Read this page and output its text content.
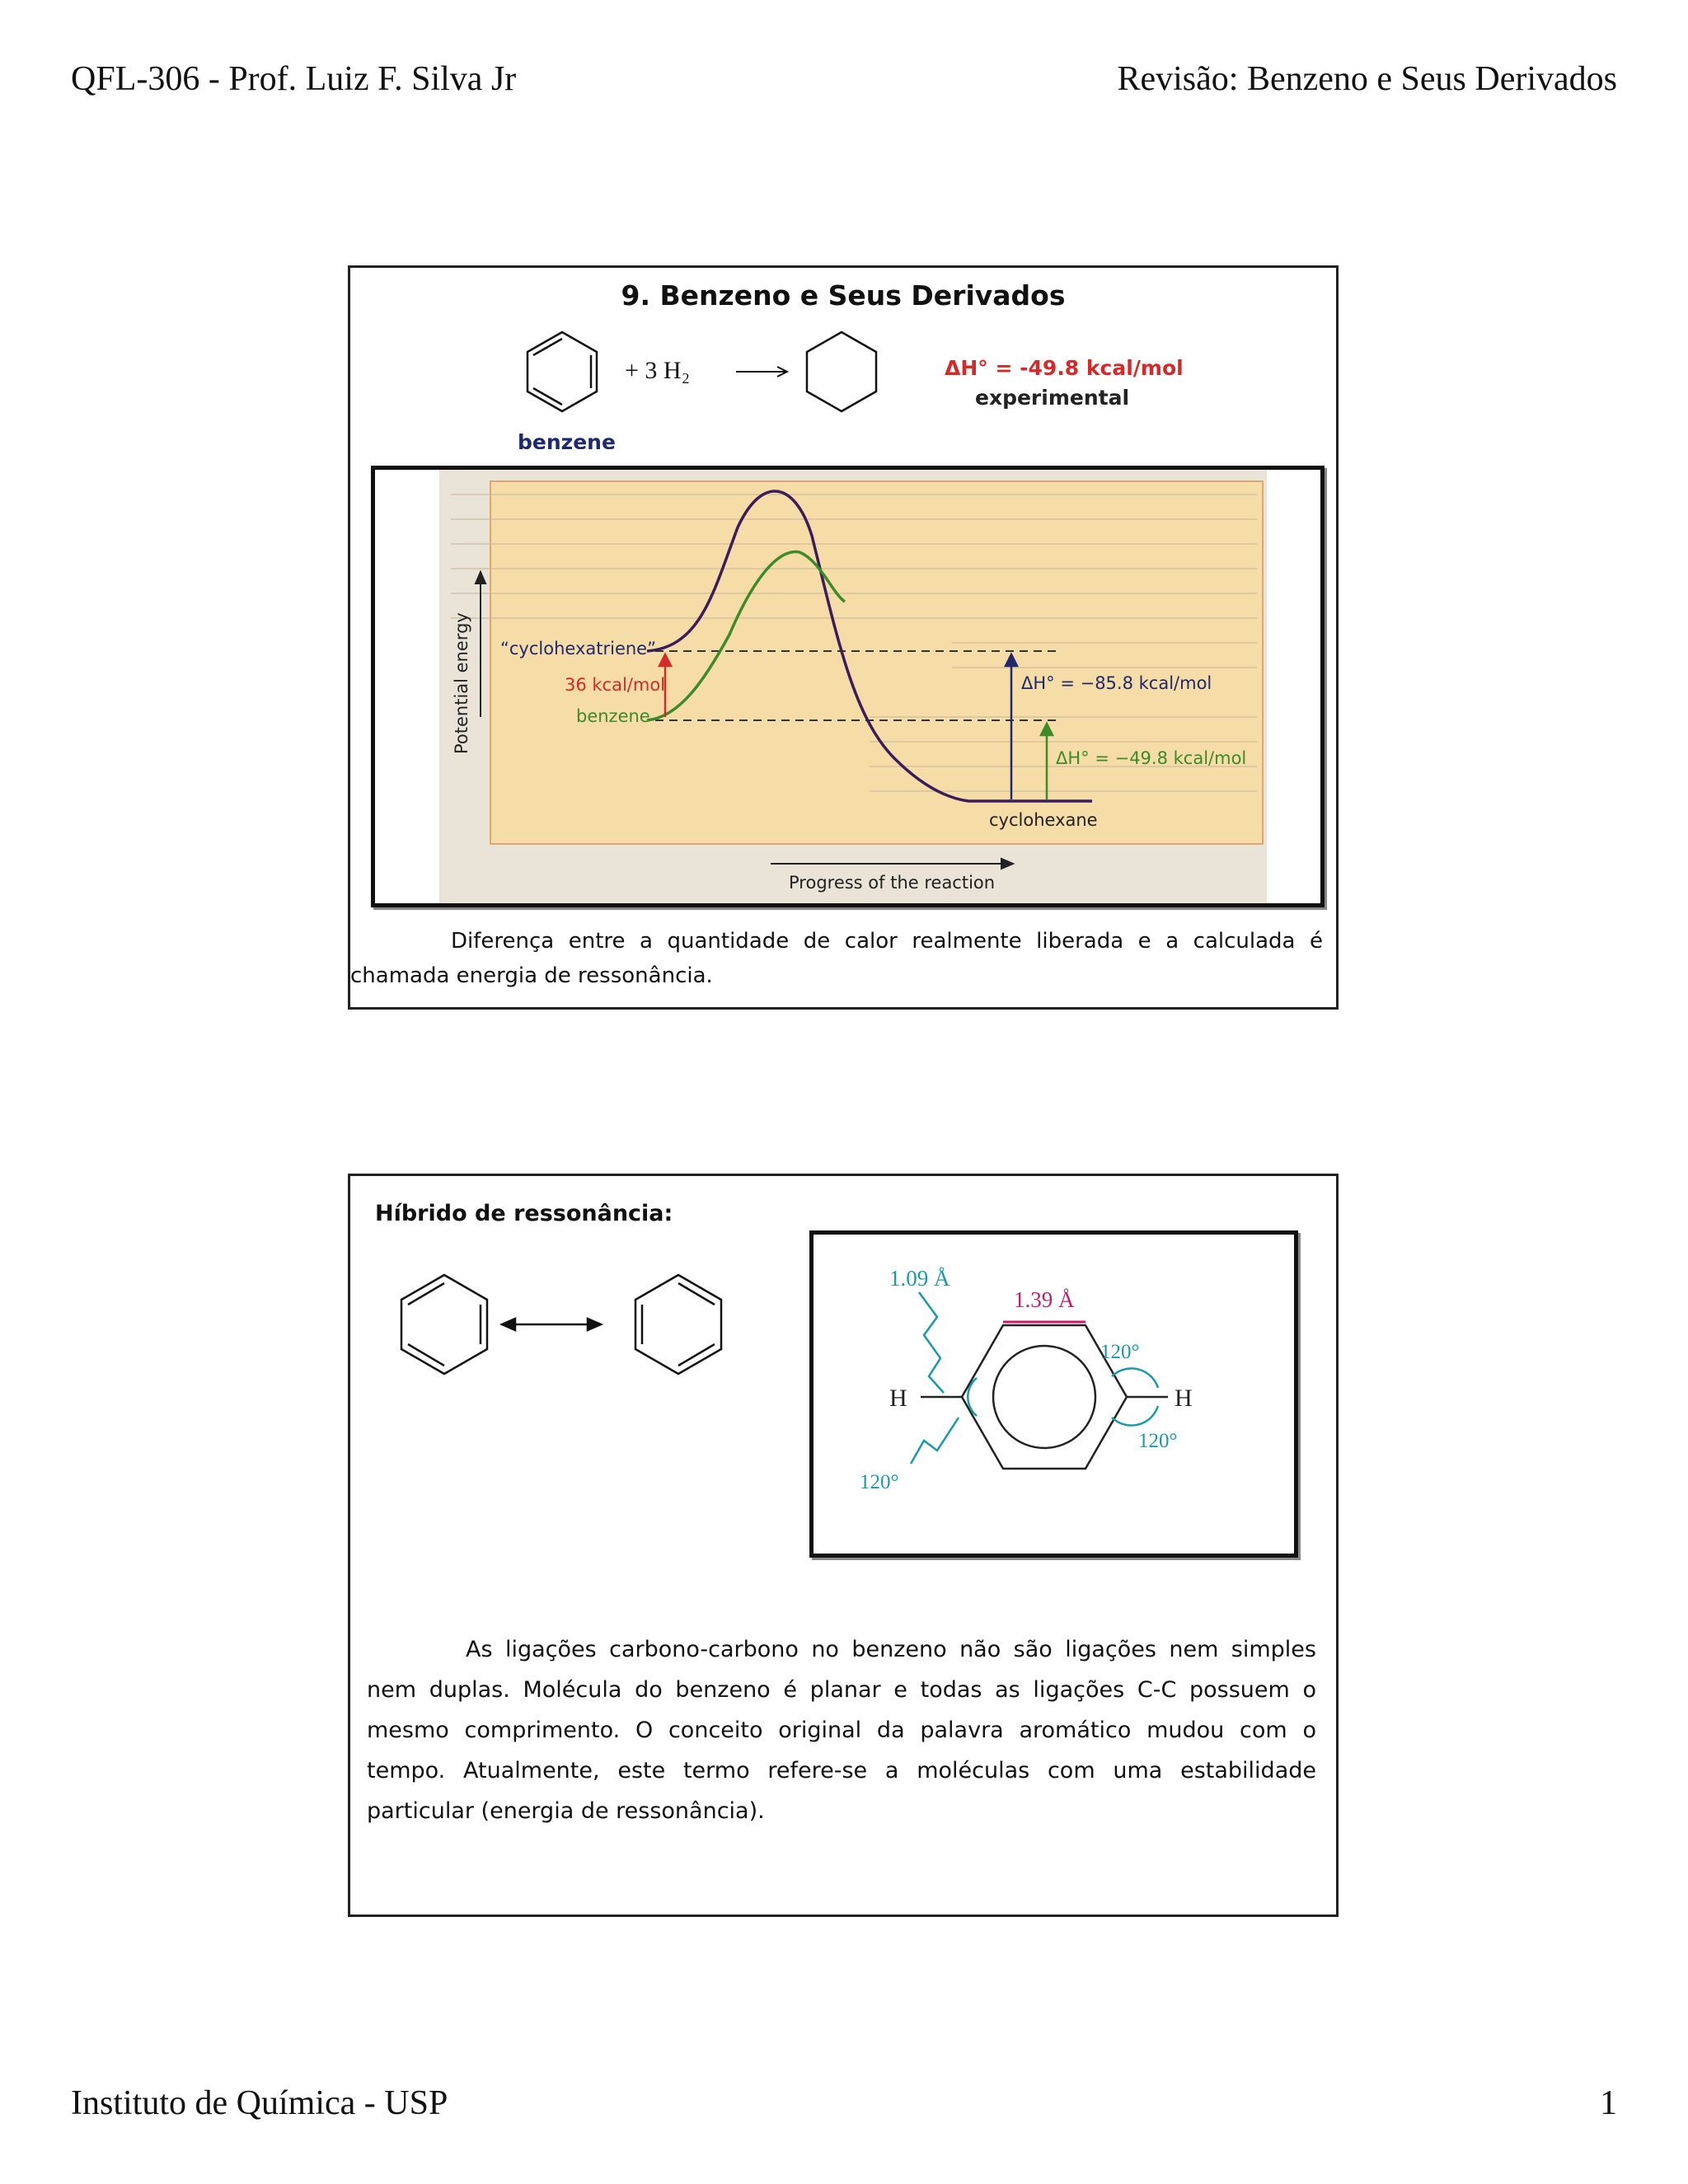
QFL-306 - Prof. Luiz F. Silva Jr	Revisão: Benzeno e Seus Derivados
9. Benzeno e Seus Derivados
+ 3 H₂	ΔH° = -49.8 kcal/mol
experimental
benzene
Potential energy
Progress of the reaction
“cyclohexatriene”
36 kcal/mol
benzene
cyclohexane
ΔH° = −85.8 kcal/mol
ΔH° = −49.8 kcal/mol
Diferença entre a quantidade de calor realmente liberada e a calculada é chamada energia de ressonância.
Híbrido de ressonância:
H	H
1.09 Å
1.39 Å
120°
120°
120°
As ligações carbono-carbono no benzeno não são ligações nem simples nem duplas. Molécula do benzeno é planar e todas as ligações C-C possuem o mesmo comprimento. O conceito original da palavra aromático mudou com o tempo. Atualmente, este termo refere-se a moléculas com uma estabilidade particular (energia de ressonância).
Instituto de Química - USP	1
